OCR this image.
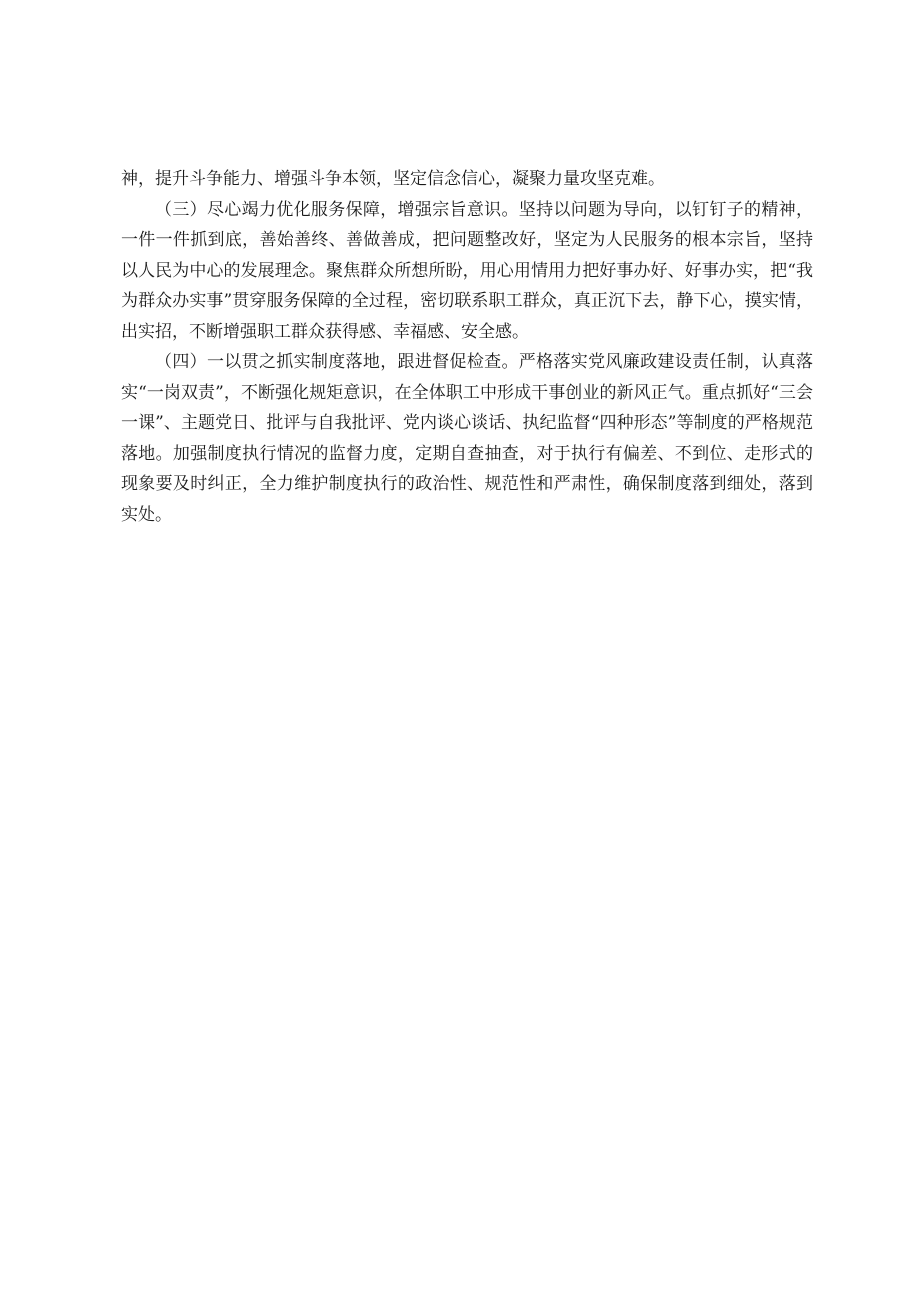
神，提升斗争能力、增强斗争本领，坚定信念信心，凝聚力量攻坚克难。

（三）尽心竭力优化服务保障，增强宗旨意识。坚持以问题为导向，以钉钉子的精神，一件一件抓到底，善始善终、善做善成，把问题整改好，坚定为人民服务的根本宗旨，坚持以人民为中心的发展理念。聚焦群众所想所盼，用心用情用力把好事办好、好事办实，把“我为群众办实事”贯穿服务保障的全过程，密切联系职工群众，真正沉下去，静下心，摸实情，出实招，不断增强职工群众获得感、幸福感、安全感。

（四）一以贯之抓实制度落地，跟进督促检查。严格落实党风廉政建设责任制，认真落实“一岗双责”，不断强化规矩意识，在全体职工中形成干事创业的新风正气。重点抓好“三会一课”、主题党日、批评与自我批评、党内谈心谈话、执纪监督“四种形态”等制度的严格规范落地。加强制度执行情况的监督力度，定期自查抽查，对于执行有偏差、不到位、走形式的现象要及时纠正，全力维护制度执行的政治性、规范性和严肃性，确保制度落到细处，落到实处。
